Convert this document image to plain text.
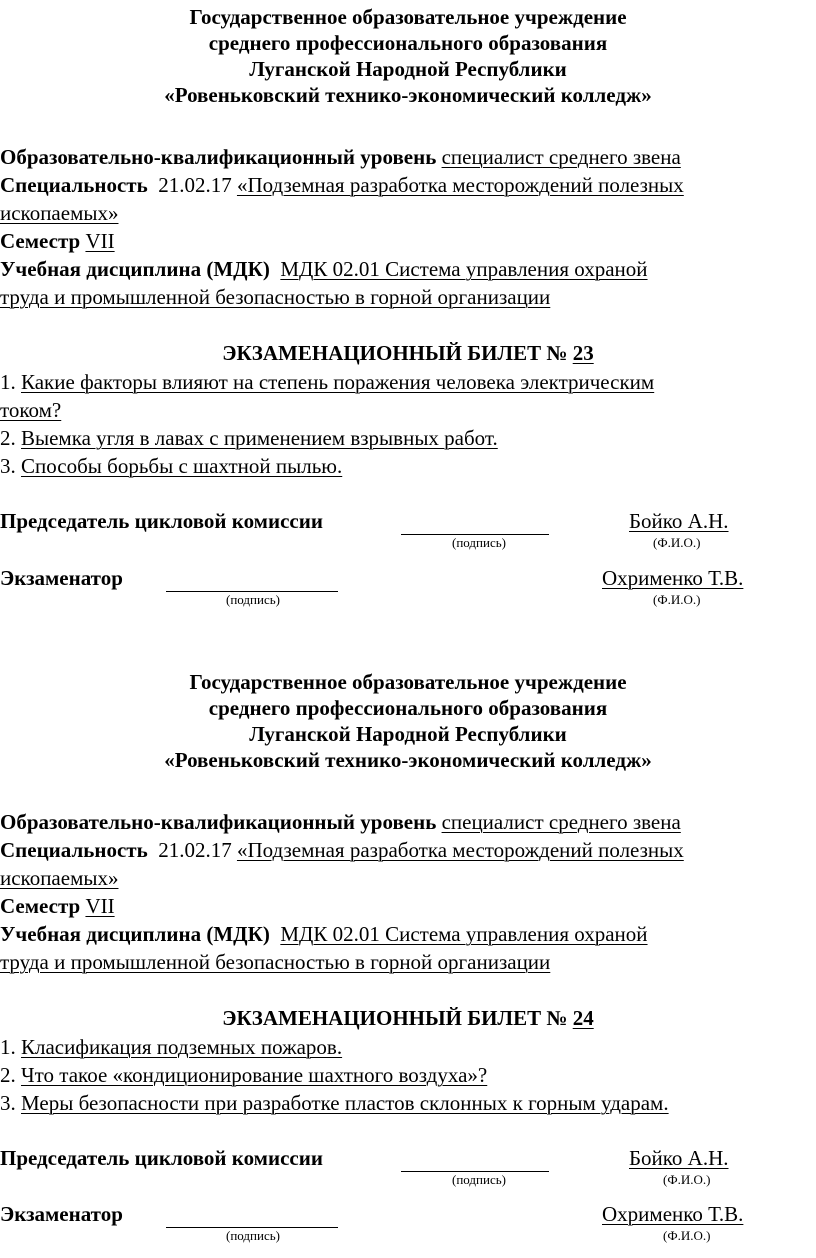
Государственное образовательное учреждение
среднего профессионального образования
Луганской Народной Республики
«Ровеньковский технико-экономический колледж»
Образовательно-квалификационный уровень специалист среднего звена
Специальность 21.02.17 «Подземная разработка месторождений полезных
ископаемых»
Семестр VII
Учебная дисциплина (МДК) МДК 02.01 Система управления охраной
труда и промышленной безопасностью в горной организации
ЭКЗАМЕНАЦИОННЫЙ БИЛЕТ № 23
1. Какие факторы влияют на степень поражения человека электрическим
током?
2. Выемка угля в лавах с применением взрывных работ.
3. Способы борьбы с шахтной пылью.
Председатель цикловой комиссии	Бойко А.Н.
(подпись)	(Ф.И.О.)
Экзаменатор	Охрименко Т.В.
(подпись)	(Ф.И.О.)
Государственное образовательное учреждение
среднего профессионального образования
Луганской Народной Республики
«Ровеньковский технико-экономический колледж»
Образовательно-квалификационный уровень специалист среднего звена
Специальность 21.02.17 «Подземная разработка месторождений полезных
ископаемых»
Семестр VII
Учебная дисциплина (МДК) МДК 02.01 Система управления охраной
труда и промышленной безопасностью в горной организации
ЭКЗАМЕНАЦИОННЫЙ БИЛЕТ № 24
1. Класификация подземных пожаров.
2. Что такое «кондиционирование шахтного воздуха»?
3. Меры безопасности при разработке пластов склонных к горным ударам.
Председатель цикловой комиссии	Бойко А.Н.
(подпись)	(Ф.И.О.)
Экзаменатор	Охрименко Т.В.
(подпись)	(Ф.И.О.)
